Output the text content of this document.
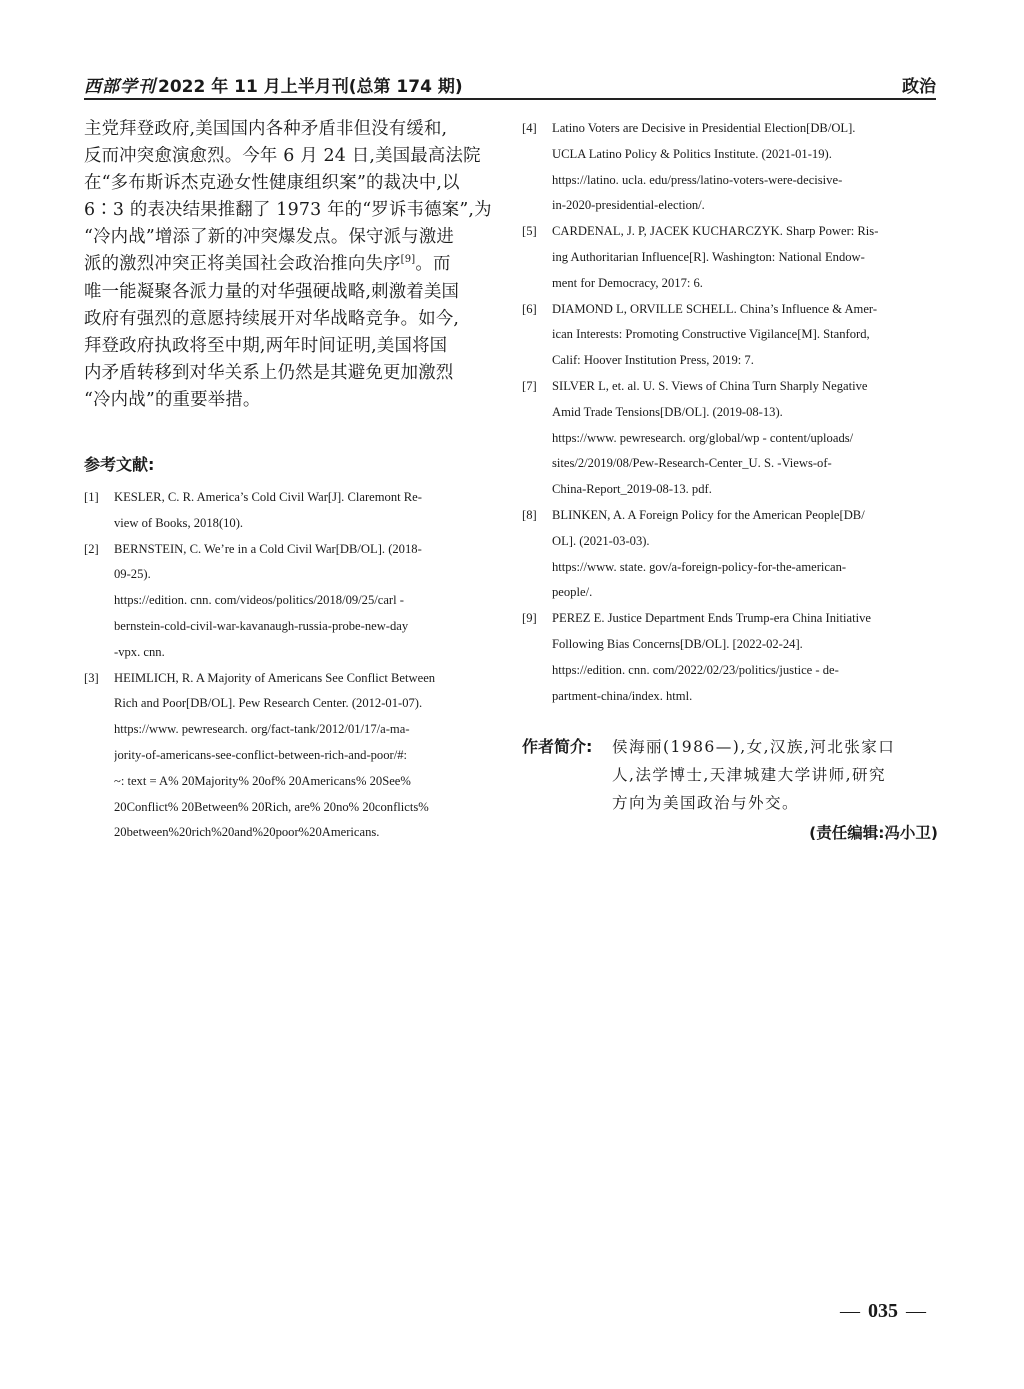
西部学刊 2022 年 11 月上半月刊(总第 174 期)	政治

主党拜登政府,美国国内各种矛盾非但没有缓和,

反而冲突愈演愈烈。今年 6 月 24 日,美国最高法院

在“多布斯诉杰克逊女性健康组织案”的裁决中,以

6∶3 的表决结果推翻了 1973 年的“罗诉韦德案”,为

“冷内战”增添了新的冲突爆发点。保守派与激进

派的激烈冲突正将美国社会政治推向失序[9]。而

唯一能凝聚各派力量的对华强硬战略,刺激着美国

政府有强烈的意愿持续展开对华战略竞争。如今,

拜登政府执政将至中期,两年时间证明,美国将国

内矛盾转移到对华关系上仍然是其避免更加激烈

“冷内战”的重要举措。

参考文献:
[1] KESLER, C. R. America’s Cold Civil War[J]. Claremont Re-
view of Books, 2018(10).
[2] BERNSTEIN, C. We’re in a Cold Civil War[DB/OL]. (2018-
09-25).
https://edition. cnn. com/videos/politics/2018/09/25/carl -
bernstein-cold-civil-war-kavanaugh-russia-probe-new-day
-vpx. cnn.
[3] HEIMLICH, R. A Majority of Americans See Conflict Between
Rich and Poor[DB/OL]. Pew Research Center. (2012-01-07).
https://www. pewresearch. org/fact-tank/2012/01/17/a-ma-
jority-of-americans-see-conflict-between-rich-and-poor/#:
~: text = A% 20Majority% 20of% 20Americans% 20See%
20Conflict% 20Between% 20Rich, are% 20no% 20conflicts%
20between%20rich%20and%20poor%20Americans.
[4] Latino Voters are Decisive in Presidential Election[DB/OL].
UCLA Latino Policy & Politics Institute. (2021-01-19).
https://latino. ucla. edu/press/latino-voters-were-decisive-
in-2020-presidential-election/.
[5] CARDENAL, J. P, JACEK KUCHARCZYK. Sharp Power: Ris-
ing Authoritarian Influence[R]. Washington: National Endow-
ment for Democracy, 2017: 6.
[6] DIAMOND L, ORVILLE SCHELL. China’s Influence & Amer-
ican Interests: Promoting Constructive Vigilance[M]. Stanford,
Calif: Hoover Institution Press, 2019: 7.
[7] SILVER L, et. al. U. S. Views of China Turn Sharply Negative
Amid Trade Tensions[DB/OL]. (2019-08-13).
https://www. pewresearch. org/global/wp - content/uploads/
sites/2/2019/08/Pew-Research-Center_U. S. -Views-of-
China-Report_2019-08-13. pdf.
[8] BLINKEN, A. A Foreign Policy for the American People[DB/
OL]. (2021-03-03).
https://www. state. gov/a-foreign-policy-for-the-american-
people/.
[9] PEREZ E. Justice Department Ends Trump-era China Initiative
Following Bias Concerns[DB/OL]. [2022-02-24].
https://edition. cnn. com/2022/02/23/politics/justice - de-
partment-china/index. html.
作者简介: 侯海丽(1986—),女,汉族,河北张家口
人,法学博士,天津城建大学讲师,研究
方向为美国政治与外交。
(责任编辑:冯小卫)
— 035 —
